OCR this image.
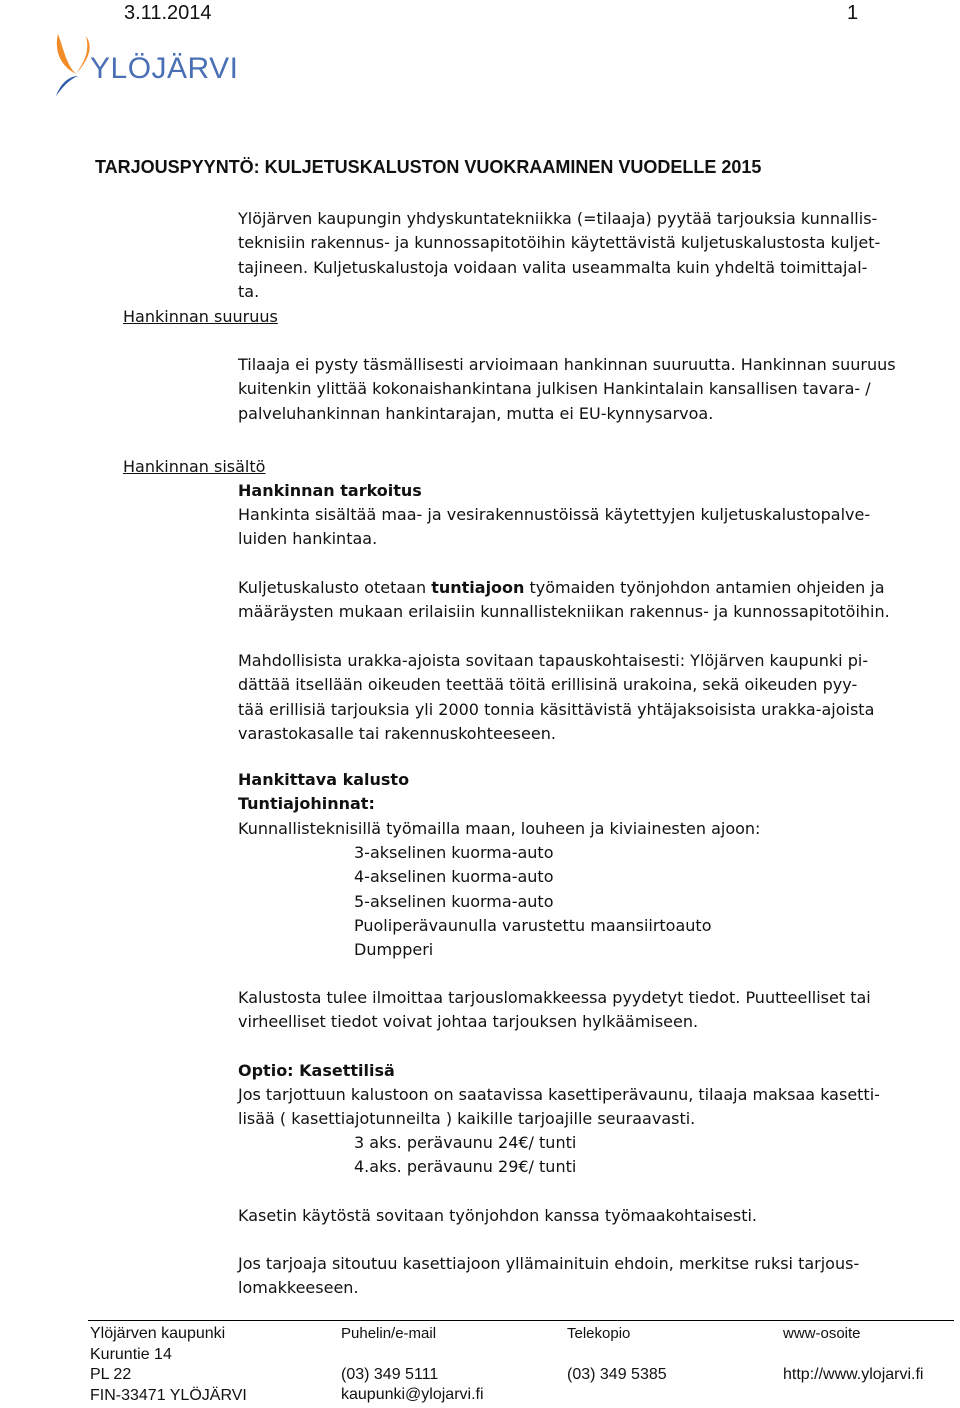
3.11.2014	1
YLÖJÄRVI
TARJOUSPYYNTÖ: KULJETUSKALUSTON VUOKRAAMINEN VUODELLE 2015
Ylöjärven kaupungin yhdyskuntatekniikka (=tilaaja) pyytää tarjouksia kunnallis-
teknisiin rakennus- ja kunnossapitotöihin käytettävistä kuljetuskalustosta kuljet-
tajineen. Kuljetuskalustoja voidaan valita useammalta kuin yhdeltä toimittajal-
ta.
Hankinnan suuruus
Tilaaja ei pysty täsmällisesti arvioimaan hankinnan suuruutta. Hankinnan suuruus
kuitenkin ylittää kokonaishankintana julkisen Hankintalain kansallisen tavara- /
palveluhankinnan hankintarajan, mutta ei EU-kynnysarvoa.
Hankinnan sisältö
Hankinnan tarkoitus
Hankinta sisältää maa- ja vesirakennustöissä käytettyjen kuljetuskalustopalve-
luiden hankintaa.
Kuljetuskalusto otetaan tuntiajoon työmaiden työnjohdon antamien ohjeiden ja
määräysten mukaan erilaisiin kunnallistekniikan rakennus- ja kunnossapitotöihin.
Mahdollisista urakka-ajoista sovitaan tapauskohtaisesti: Ylöjärven kaupunki pi-
dättää itsellään oikeuden teettää töitä erillisinä urakoina, sekä oikeuden pyy-
tää erillisiä tarjouksia yli 2000 tonnia käsittävistä yhtäjaksoisista urakka-ajoista
varastokasalle tai rakennuskohteeseen.
Hankittava kalusto
Tuntiajohinnat:
Kunnallisteknisillä työmailla maan, louheen ja kiviainesten ajoon:
3-akselinen kuorma-auto
4-akselinen kuorma-auto
5-akselinen kuorma-auto
Puoliperävaunulla varustettu maansiirtoauto
Dumpperi
Kalustosta tulee ilmoittaa tarjouslomakkeessa pyydetyt tiedot. Puutteelliset tai
virheelliset tiedot voivat johtaa tarjouksen hylkäämiseen.
Optio: Kasettilisä
Jos tarjottuun kalustoon on saatavissa kasettiperävaunu, tilaaja maksaa kasetti-
lisää ( kasettiajotunneilta ) kaikille tarjoajille seuraavasti.
3 aks. perävaunu 24€/ tunti
4.aks. perävaunu 29€/ tunti
Kasetin käytöstä sovitaan työnjohdon kanssa työmaakohtaisesti.
Jos tarjoaja sitoutuu kasettiajoon yllämainituin ehdoin, merkitse ruksi tarjous-
lomakkeeseen.
Ylöjärven kaupunki
Kuruntie 14
PL 22
FIN-33471 YLÖJÄRVI
Puhelin/e-mail
(03) 349 5111
kaupunki@ylojarvi.fi
Telekopio
(03) 349 5385
www-osoite
http://www.ylojarvi.fi
